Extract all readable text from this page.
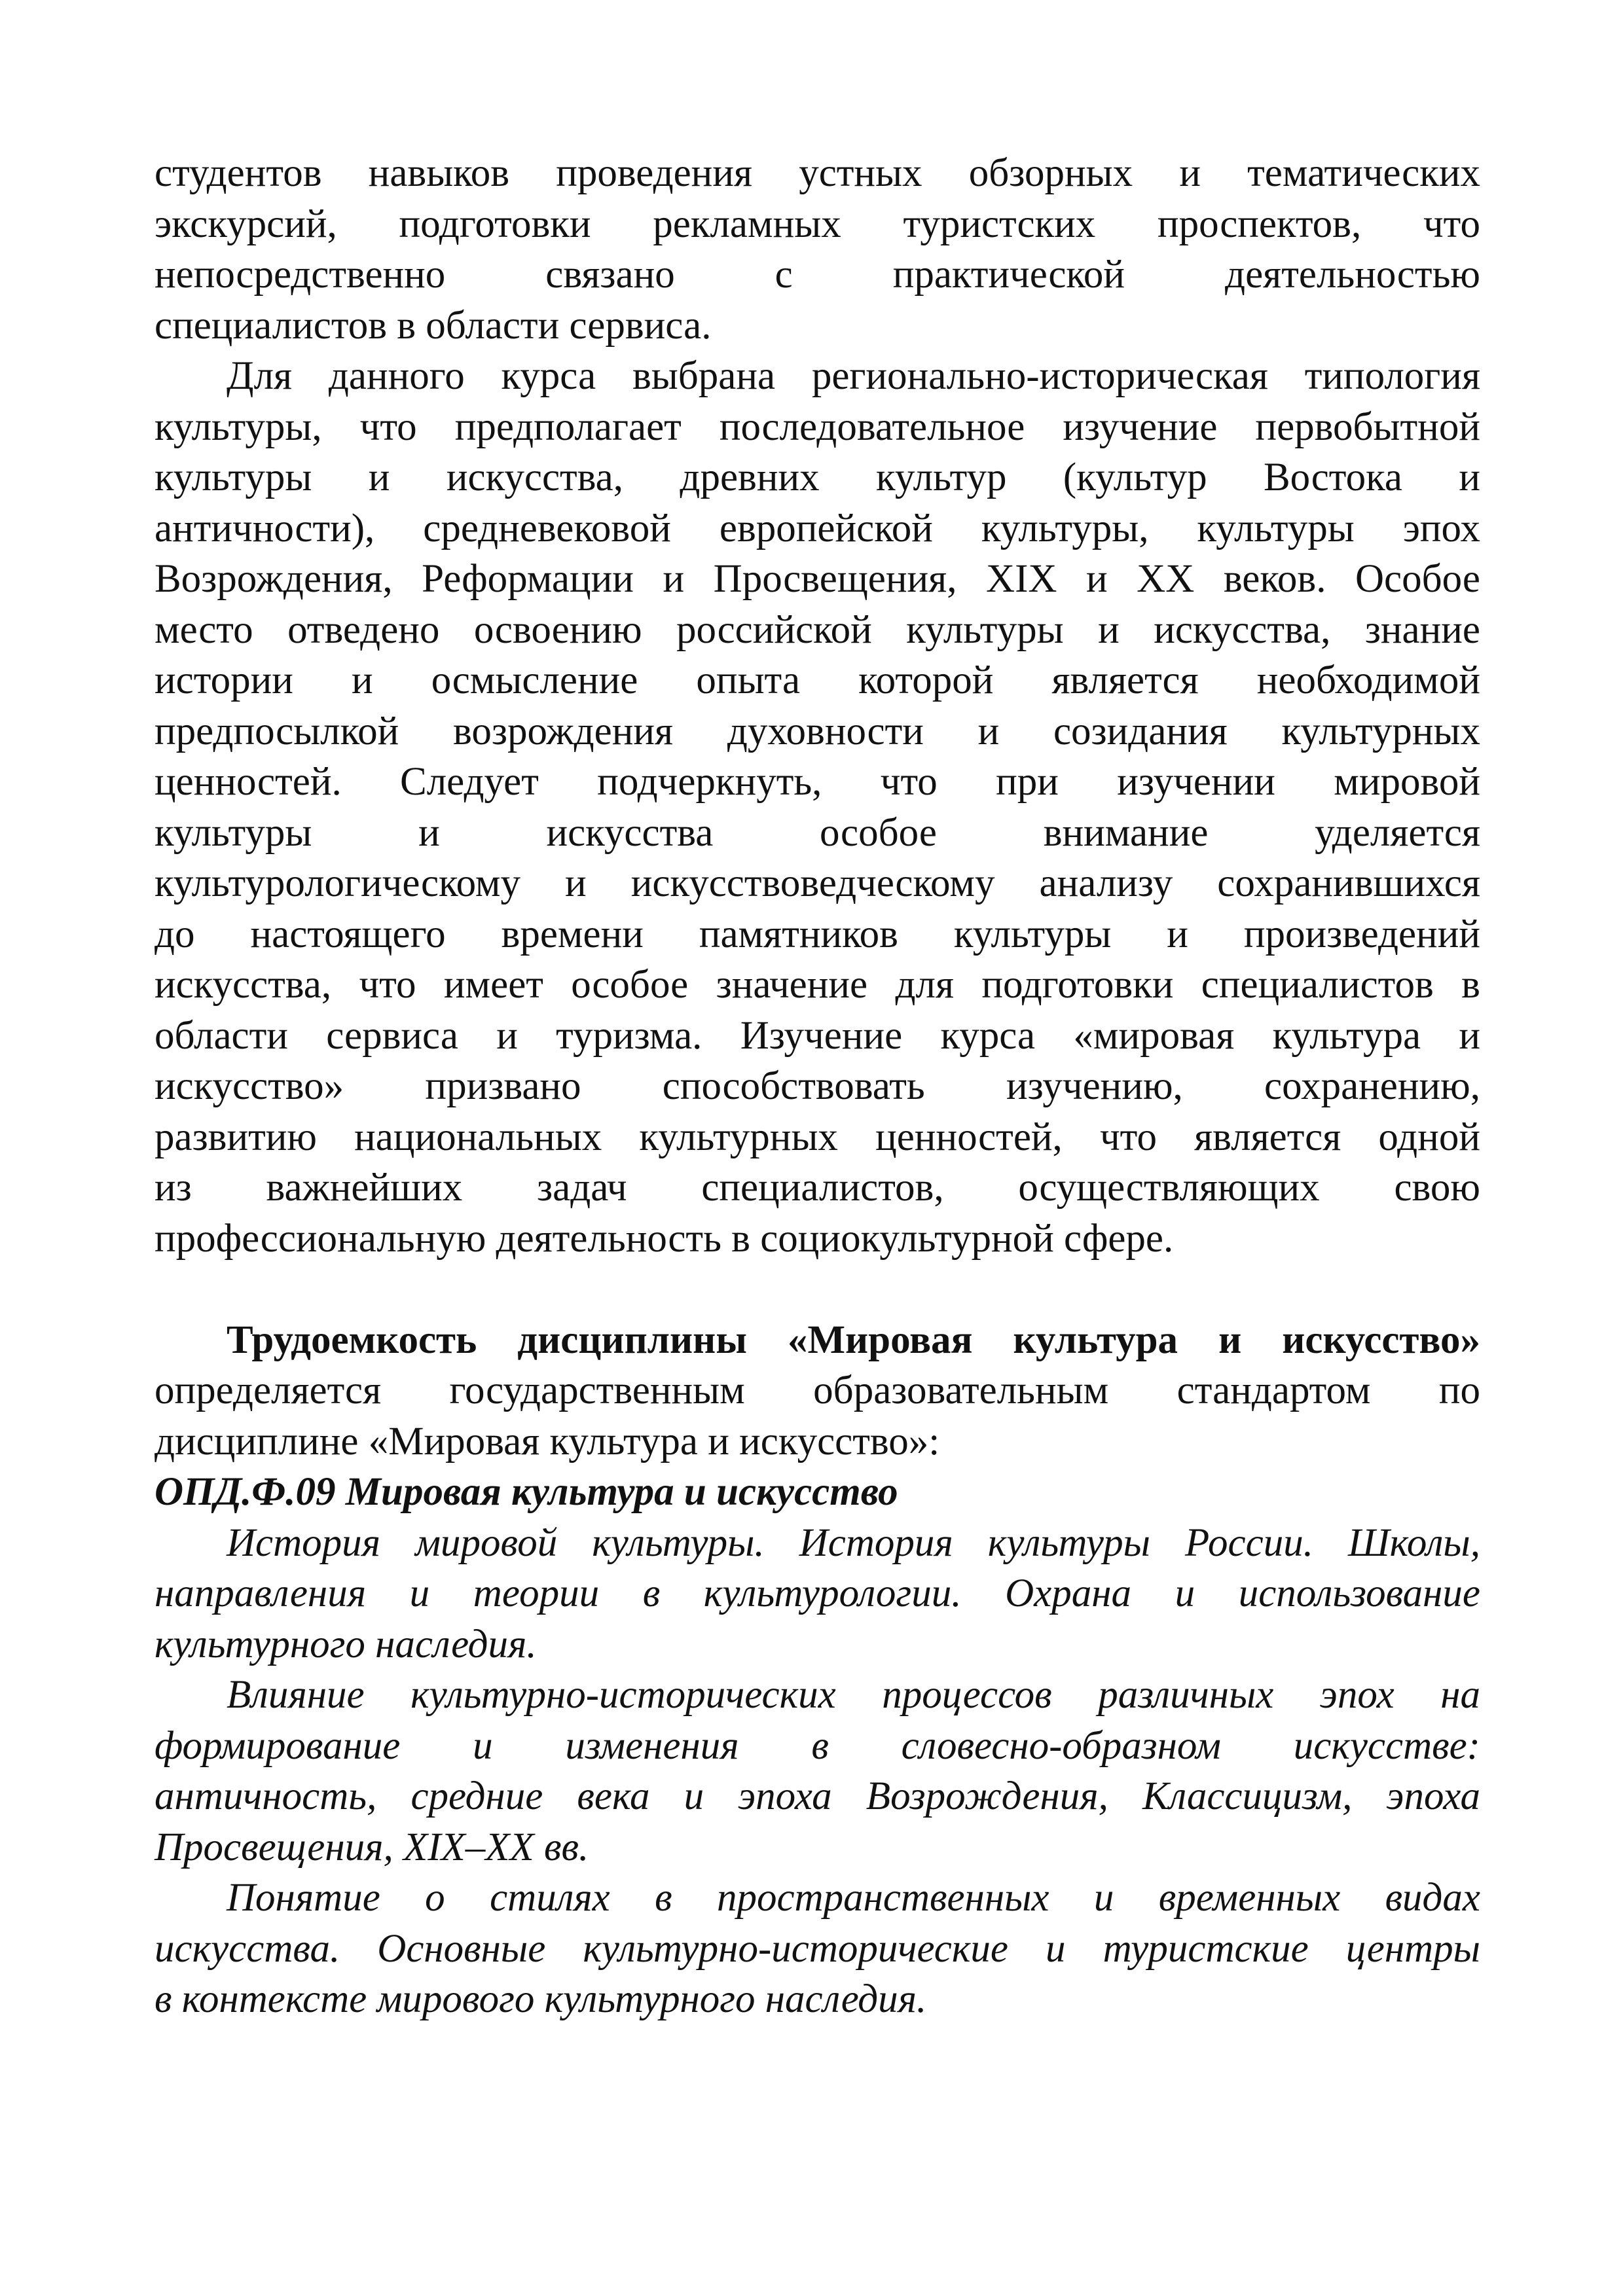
студентов навыков проведения устных обзорных и тематических
экскурсий, подготовки рекламных туристских проспектов, что
непосредственно связано с практической деятельностью
специалистов в области сервиса.

Для данного курса выбрана регионально-историческая типология
культуры, что предполагает последовательное изучение первобытной
культуры и искусства, древних культур (культур Востока и
античности), средневековой европейской культуры, культуры эпох
Возрождения, Реформации и Просвещения, XIX и XX веков. Особое
место отведено освоению российской культуры и искусства, знание
истории и осмысление опыта которой является необходимой
предпосылкой возрождения духовности и созидания культурных
ценностей. Следует подчеркнуть, что при изучении мировой
культуры и искусства особое внимание уделяется
культурологическому и искусствоведческому анализу сохранившихся
до настоящего времени памятников культуры и произведений
искусства, что имеет особое значение для подготовки специалистов в
области сервиса и туризма. Изучение курса «мировая культура и
искусство» призвано способствовать изучению, сохранению,
развитию национальных культурных ценностей, что является одной
из важнейших задач специалистов, осуществляющих свою
профессиональную деятельность в социокультурной сфере.

Трудоемкость дисциплины «Мировая культура и искусство»
определяется государственным образовательным стандартом по
дисциплине «Мировая культура и искусство»:

ОПД.Ф.09 Мировая культура и искусство

История мировой культуры. История культуры России. Школы,
направления и теории в культурологии. Охрана и использование
культурного наследия.

Влияние культурно-исторических процессов различных эпох на
формирование и изменения в словесно-образном искусстве:
античность, средние века и эпоха Возрождения, Классицизм, эпоха
Просвещения, XIX–XX вв.

Понятие о стилях в пространственных и временных видах
искусства. Основные культурно-исторические и туристские центры
в контексте мирового культурного наследия.
